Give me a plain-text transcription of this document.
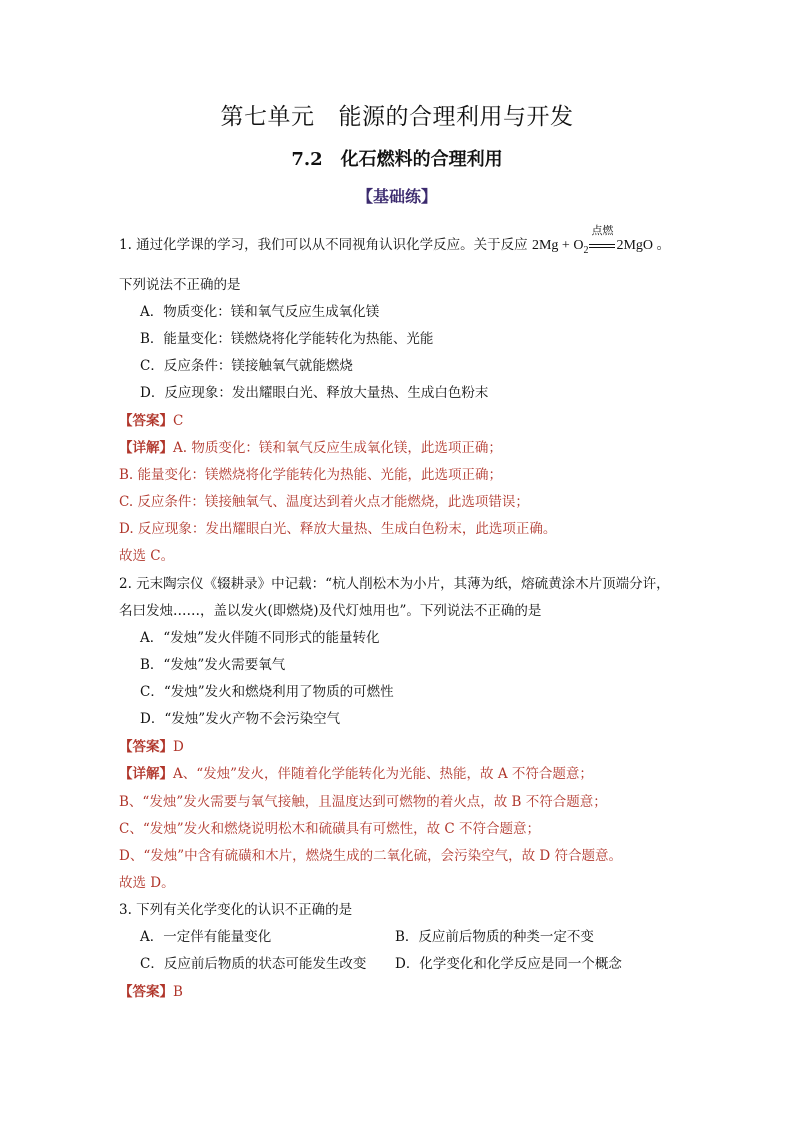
第七单元 能源的合理利用与开发
7.2 化石燃料的合理利用
【基础练】
1. 通过化学课的学习，我们可以从不同视角认识化学反应。关于反应 $2Mg + O_2$
点燃
2MgO 。
下列说法不正确的是
A．物质变化：镁和氧气反应生成氧化镁
B．能量变化：镁燃烧将化学能转化为热能、光能
C．反应条件：镁接触氧气就能燃烧
D．反应现象：发出耀眼白光、释放大量热、生成白色粉末
【答案】C
【详解】A. 物质变化：镁和氧气反应生成氧化镁，此选项正确；
B. 能量变化：镁燃烧将化学能转化为热能、光能，此选项正确；
C. 反应条件：镁接触氧气、温度达到着火点才能燃烧，此选项错误；
D. 反应现象：发出耀眼白光、释放大量热、生成白色粉末，此选项正确。
故选 C。
2. 元末陶宗仪《辍耕录》中记载：“杭人削松木为小片，其薄为纸，熔硫黄涂木片顶端分许，
名曰发烛……，盖以发火(即燃烧)及代灯烛用也”。下列说法不正确的是
A．“发烛”发火伴随不同形式的能量转化
B．“发烛”发火需要氧气
C．“发烛”发火和燃烧利用了物质的可燃性
D．“发烛”发火产物不会污染空气
【答案】D
【详解】A、“发烛”发火，伴随着化学能转化为光能、热能，故 A 不符合题意；
B、“发烛”发火需要与氧气接触，且温度达到可燃物的着火点，故 B 不符合题意；
C、“发烛”发火和燃烧说明松木和硫磺具有可燃性，故 C 不符合题意；
D、“发烛”中含有硫磺和木片，燃烧生成的二氧化硫，会污染空气，故 D 符合题意。
故选 D。
3. 下列有关化学变化的认识不正确的是
A．一定伴有能量变化	B．反应前后物质的种类一定不变
C．反应前后物质的状态可能发生改变 D．化学变化和化学反应是同一个概念
【答案】B
